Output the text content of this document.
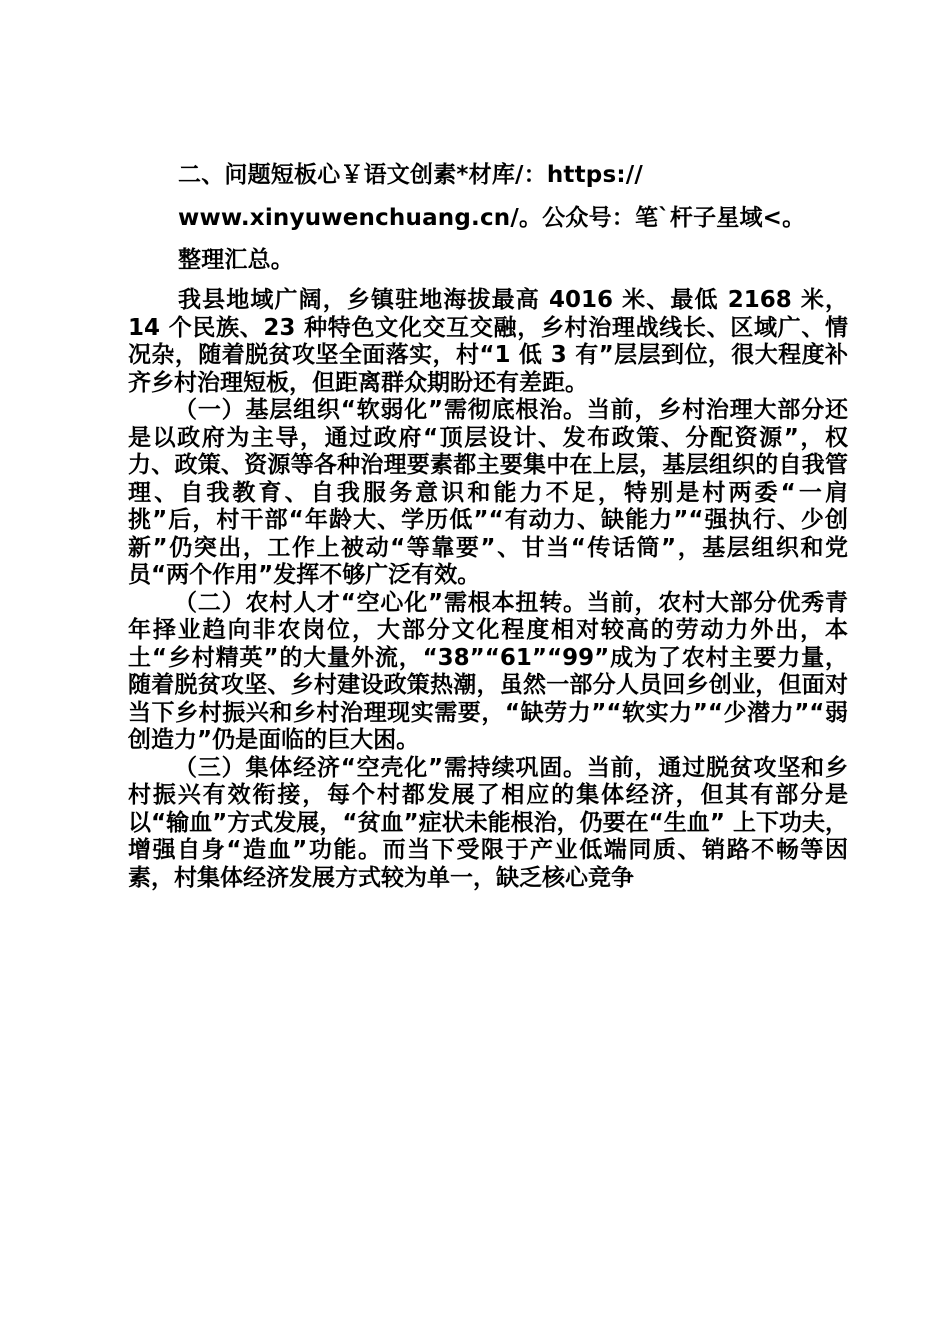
二、问题短板心￥语文创素*材库/：https://
www.xinyuwenchuang.cn/。公众号：笔`杆子星域<。
整理汇总。

我县地域广阔，乡镇驻地海拔最高 4016 米、最低 2168 米，14 个民族、23 种特色文化交互交融，乡村治理战线长、区域广、情况杂，随着脱贫攻坚全面落实，村“1 低 3 有”层层到位，很大程度补齐乡村治理短板，但距离群众期盼还有差距。

（一）基层组织“软弱化”需彻底根治。当前，乡村治理大部分还是以政府为主导，通过政府“顶层设计、发布政策、分配资源”，权力、政策、资源等各种治理要素都主要集中在上层，基层组织的自我管理、自我教育、自我服务意识和能力不足，特别是村两委“一肩挑”后，村干部“年龄大、学历低”“有动力、缺能力”“强执行、少创新”仍突出，工作上被动“等靠要”、甘当“传话筒”，基层组织和党员“两个作用”发挥不够广泛有效。

（二）农村人才“空心化”需根本扭转。当前，农村大部分优秀青年择业趋向非农岗位，大部分文化程度相对较高的劳动力外出，本土“乡村精英”的大量外流，“38”“61”“99”成为了农村主要力量，随着脱贫攻坚、乡村建设政策热潮，虽然一部分人员回乡创业，但面对当下乡村振兴和乡村治理现实需要，“缺劳力”“软实力”“少潜力”“弱创造力”仍是面临的巨大困。

（三）集体经济“空壳化”需持续巩固。当前，通过脱贫攻坚和乡村振兴有效衔接，每个村都发展了相应的集体经济，但其有部分是以“输血”方式发展，“贫血”症状未能根治，仍要在“生血” 上下功夫，增强自身“造血”功能。而当下受限于产业低端同质、销路不畅等因素，村集体经济发展方式较为单一，缺乏核心竞争
